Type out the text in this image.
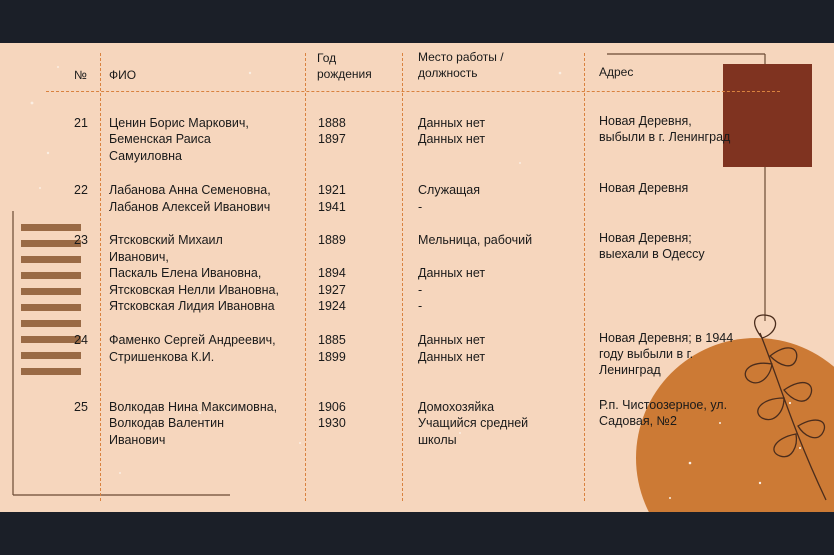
№ ФИО
Год
рождения
Место работы /
должность	Адрес
21 Ценин Борис Маркович,
Беменская Раиса
Самуиловна
1888
1897
Данных нет
Данных нет
Новая Деревня,
выбыли в г. Ленинград
22 Лабанова Анна Семеновна,
Лабанов Алексей Иванович
1921
1941
Служащая
-
Новая Деревня
23 Ятсковский Михаил
Иванович,
Паскаль Елена Ивановна,
Ятсковская Нелли Ивановна,
Ятсковская Лидия Ивановна
1889
1894
1927
1924
Мельница, рабочий
Данных нет
-
-
Новая Деревня;
выехали в Одессу
24 Фаменко Сергей Андреевич,
Стришенкова К.И.
1885
1899
Данных нет
Данных нет
Новая Деревня; в 1944
году выбыли в г.
Ленинград
25 Волкодав Нина Максимовна,
Волкодав Валентин
Иванович
1906
1930
Домохозяйка
Учащийся средней
школы
Р.п. Чистоозерное, ул.
Садовая, №2
